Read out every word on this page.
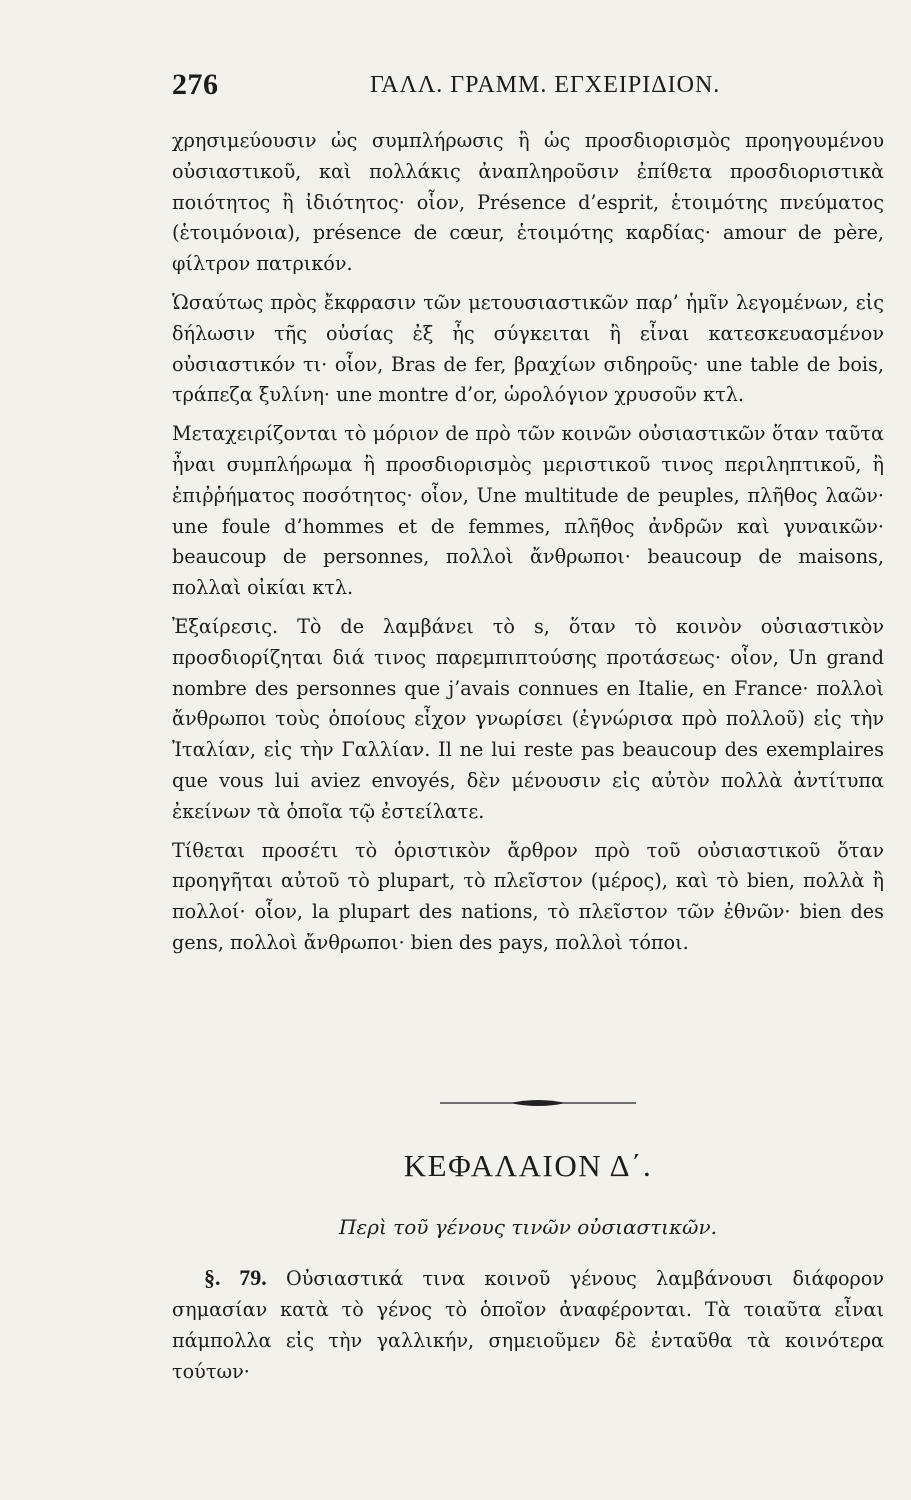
276	ΓΑΛΛ. ΓΡΑΜΜ. ΕΓΧΕΙΡΙΔΙΟΝ.

χρησιμεύουσιν ὡς συμπλήρωσις ἢ ὡς προσδιορισμὸς προηγουμένου οὐσιαστικοῦ, καὶ πολλάκις ἀναπληροῦσιν ἐπίθετα προσδιοριστικὰ ποιότητος ἢ ἰδιότητος· οἷον, Présence d’esprit, ἑτοιμότης πνεύματος (ἑτοιμόνοια), présence de cœur, ἑτοιμότης καρδίας· amour de père, φίλτρον πατρικόν.

Ὡσαύτως πρὸς ἔκφρασιν τῶν μετουσιαστικῶν παρ’ ἡμῖν λεγομένων, εἰς δήλωσιν τῆς οὐσίας ἐξ ἧς σύγκειται ἢ εἶναι κατεσκευασμένον οὐσιαστικόν τι· οἷον, Bras de fer, βραχίων σιδηροῦς· une table de bois, τράπεζα ξυλίνη· une montre d’or, ὡρολόγιον χρυσοῦν κτλ.

Μεταχειρίζονται τὸ μόριον de πρὸ τῶν κοινῶν οὐσιαστικῶν ὅταν ταῦτα ἦναι συμπλήρωμα ἢ προσδιορισμὸς μεριστικοῦ τινος περιληπτικοῦ, ἢ ἐπιῤῥήματος ποσότητος· οἷον, Une multitude de peuples, πλῆθος λαῶν· une foule d’hommes et de femmes, πλῆθος ἀνδρῶν καὶ γυναικῶν· beaucoup de personnes, πολλοὶ ἄνθρωποι· beaucoup de maisons, πολλαὶ οἰκίαι κτλ.

Ἐξαίρεσις. Τὸ de λαμβάνει τὸ s, ὅταν τὸ κοινὸν οὐσιαστικὸν προσδιορίζηται διά τινος παρεμπιπτούσης προτάσεως· οἷον, Un grand nombre des personnes que j’avais connues en Italie, en France· πολλοὶ ἄνθρωποι τοὺς ὁποίους εἶχον γνωρίσει (ἐγνώρισα πρὸ πολλοῦ) εἰς τὴν Ἰταλίαν, εἰς τὴν Γαλλίαν. Il ne lui reste pas beaucoup des exemplaires que vous lui aviez envoyés, δὲν μένουσιν εἰς αὐτὸν πολλὰ ἀντίτυπα ἐκείνων τὰ ὁποῖα τῷ ἐστείλατε.

Τίθεται προσέτι τὸ ὁριστικὸν ἄρθρον πρὸ τοῦ οὐσιαστικοῦ ὅταν προηγῆται αὐτοῦ τὸ plupart, τὸ πλεῖστον (μέρος), καὶ τὸ bien, πολλὰ ἢ πολλοί· οἷον, la plupart des nations, τὸ πλεῖστον τῶν ἐθνῶν· bien des gens, πολλοὶ ἄνθρωποι· bien des pays, πολλοὶ τόποι.

ΚΕΦΑΛΑΙΟΝ Δ΄.
Περὶ τοῦ γένους τινῶν οὐσιαστικῶν.

§. 79. Οὐσιαστικά τινα κοινοῦ γένους λαμβάνουσι διάφορον σημασίαν κατὰ τὸ γένος τὸ ὁποῖον ἀναφέρονται. Τὰ τοιαῦτα εἶναι πάμπολλα εἰς τὴν γαλλικήν, σημειοῦμεν δὲ ἐνταῦθα τὰ κοινότερα τούτων·
